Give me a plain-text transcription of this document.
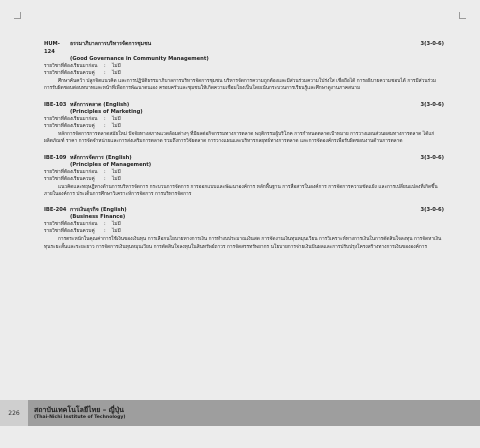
HUM-124
ธรรมาภิบาลการบริหารจัดการชุมชน	3(3-0-6)
(Good Governance in Community Management)
รายวิชาที่ต้องเรียนมาก่อน	:	ไม่มี
รายวิชาที่ต้องเรียนควบคู่	:	ไม่มี
ศึกษาค้นคว้า ปลูกจิตแนวคิด และการปฏิบัติธรรมาภิบาลการบริหารจัดการชุมชน บริหารจัดการความถูกต้องและมีส่วนร่วมความโปร่งใส เชื่อถือได้ การอธิบายความชอบได้ การมีส่วนร่วม การรับผิดชอบต่อบทบาทและหน้าที่เพื่อการพัฒนาตนเอง ครอบครัวและชุมชนให้เกิดความเชื่อมโยงเป็นโดยเน้นกระบวนการเรียนรู้และศึกษาดูงานภาคสนาม
IBE-103 หลักการตลาด (English)	3(3-0-6)
(Principles of Marketing)
รายวิชาที่ต้องเรียนมาก่อน	:	ไม่มี
รายวิชาที่ต้องเรียนควบคู่	:	ไม่มี
หลักการจัดการการตลาดสมัยใหม่ ปัจจัยทางสภาพแวดล้อมต่างๆ ที่มีผลต่อกิจกรรมทางการตลาด พฤติกรรมผู้บริโภค การกำหนดตลาดเป้าหมาย การวางแผนส่วนผสมทางการตลาด ได้แก่ ผลิตภัณฑ์ ราคา การจัดจำหน่ายและการส่งเสริมการตลาด รวมถึงการวิจัยตลาด การวางแผนและบริหารกลยุทธ์ทางการตลาด และการจัดองค์กรเพื่อรับผิดชอบงานด้านการตลาด
IBE-109 หลักการจัดการ (English)	3(3-0-6)
(Principles of Management)
รายวิชาที่ต้องเรียนมาก่อน	:	ไม่มี
รายวิชาที่ต้องเรียนควบคู่	:	ไม่มี
แนวคิดและทฤษฎีทางด้านการบริหารจัดการ กระบวนการจัดการ การออกแบบและพัฒนาองค์การ หลักพื้นฐาน การสื่อสารในองค์การ การจัดการความขัดแย้ง และการเปลี่ยนแปลงที่เกิดขึ้นภายในองค์การ ประเด็นการศึกษาวิเคราะห์การจัดการ การบริหารจัดการ
IBE-204 การเงินธุรกิจ (English)	3(3-0-6)
(Business Finance)
รายวิชาที่ต้องเรียนมาก่อน	:	ไม่มี
รายวิชาที่ต้องเรียนควบคู่	:	ไม่มี
การตระหนักในคุณค่าการใช้เงินของเงินทุน การเลือกนโยบายทางการเงิน การทำงบประมาณเงินสด การจัดงานเงินทุนหมุนเวียน การวิเคราะห์ทางการเงินในการตัดสินใจลงทุน การจัดหาเงินทุนระยะสั้นและระยะยาว การจัดการเงินทุนหมุนเวียน การตัดสินใจลงทุนในสินทรัพย์ถาวร การจัดสรรทรัพยากร นโยบายการจ่ายเงินปันผลและการปรับปรุงโครงสร้างทางการเงินขององค์การ
226	สถาบันเทคโนโลยีไทย – ญี่ปุ่น
(Thai-Nichi Institute of Technology)
